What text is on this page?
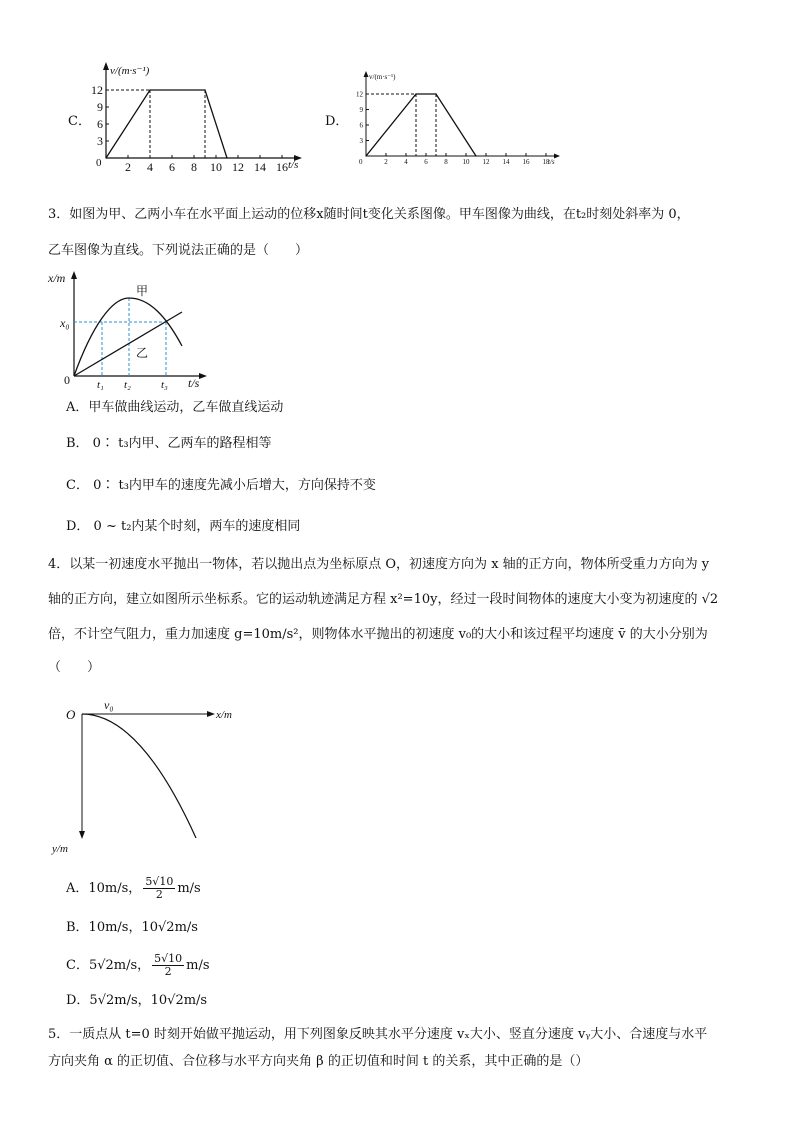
C．
v/(m·s⁻¹)
t/s
0
3
6
9
12
2 4 6 8 10 12 14 16
D．
v/(m·s⁻¹)
t/s
0
3
6
9
12
2 4 6 8 10 12 14 16 18
3．如图为甲、乙两小车在水平面上运动的位移x随时间t变化关系图像。甲车图像为曲线，在t₂时刻处斜率为 0，
乙车图像为直线。下列说法正确的是（　　）
x/m
t/s
0
x₀
甲
乙
t₁ t₂	t₃
A．甲车做曲线运动，乙车做直线运动
B． 0∶ t₃内甲、乙两车的路程相等
C． 0∶ t₃内甲车的速度先减小后增大，方向保持不变
D． 0 ~ t₂内某个时刻，两车的速度相同
4．以某一初速度水平抛出一物体，若以抛出点为坐标原点 O，初速度方向为 x 轴的正方向，物体所受重力方向为 y
轴的正方向，建立如图所示坐标系。它的运动轨迹满足方程 x²=10y，经过一段时间物体的速度大小变为初速度的 √2
倍，不计空气阻力，重力加速度 g=10m/s²，则物体水平抛出的初速度 v₀的大小和该过程平均速度 v̄ 的大小分别为
（　　）
O
v₀
x/m
y/m
A．10m/s， $\frac{5√10}{2} m/s$
B．10m/s，10√2m/s
C．5√2m/s， $\frac{5√10}{2} m/s$
D．5√2m/s，10√2m/s
5．一质点从 t=0 时刻开始做平抛运动，用下列图象反映其水平分速度 vₓ大小、竖直分速度 vᵧ大小、合速度与水平
方向夹角 α 的正切值、合位移与水平方向夹角 β 的正切值和时间 t 的关系，其中正确的是（）
